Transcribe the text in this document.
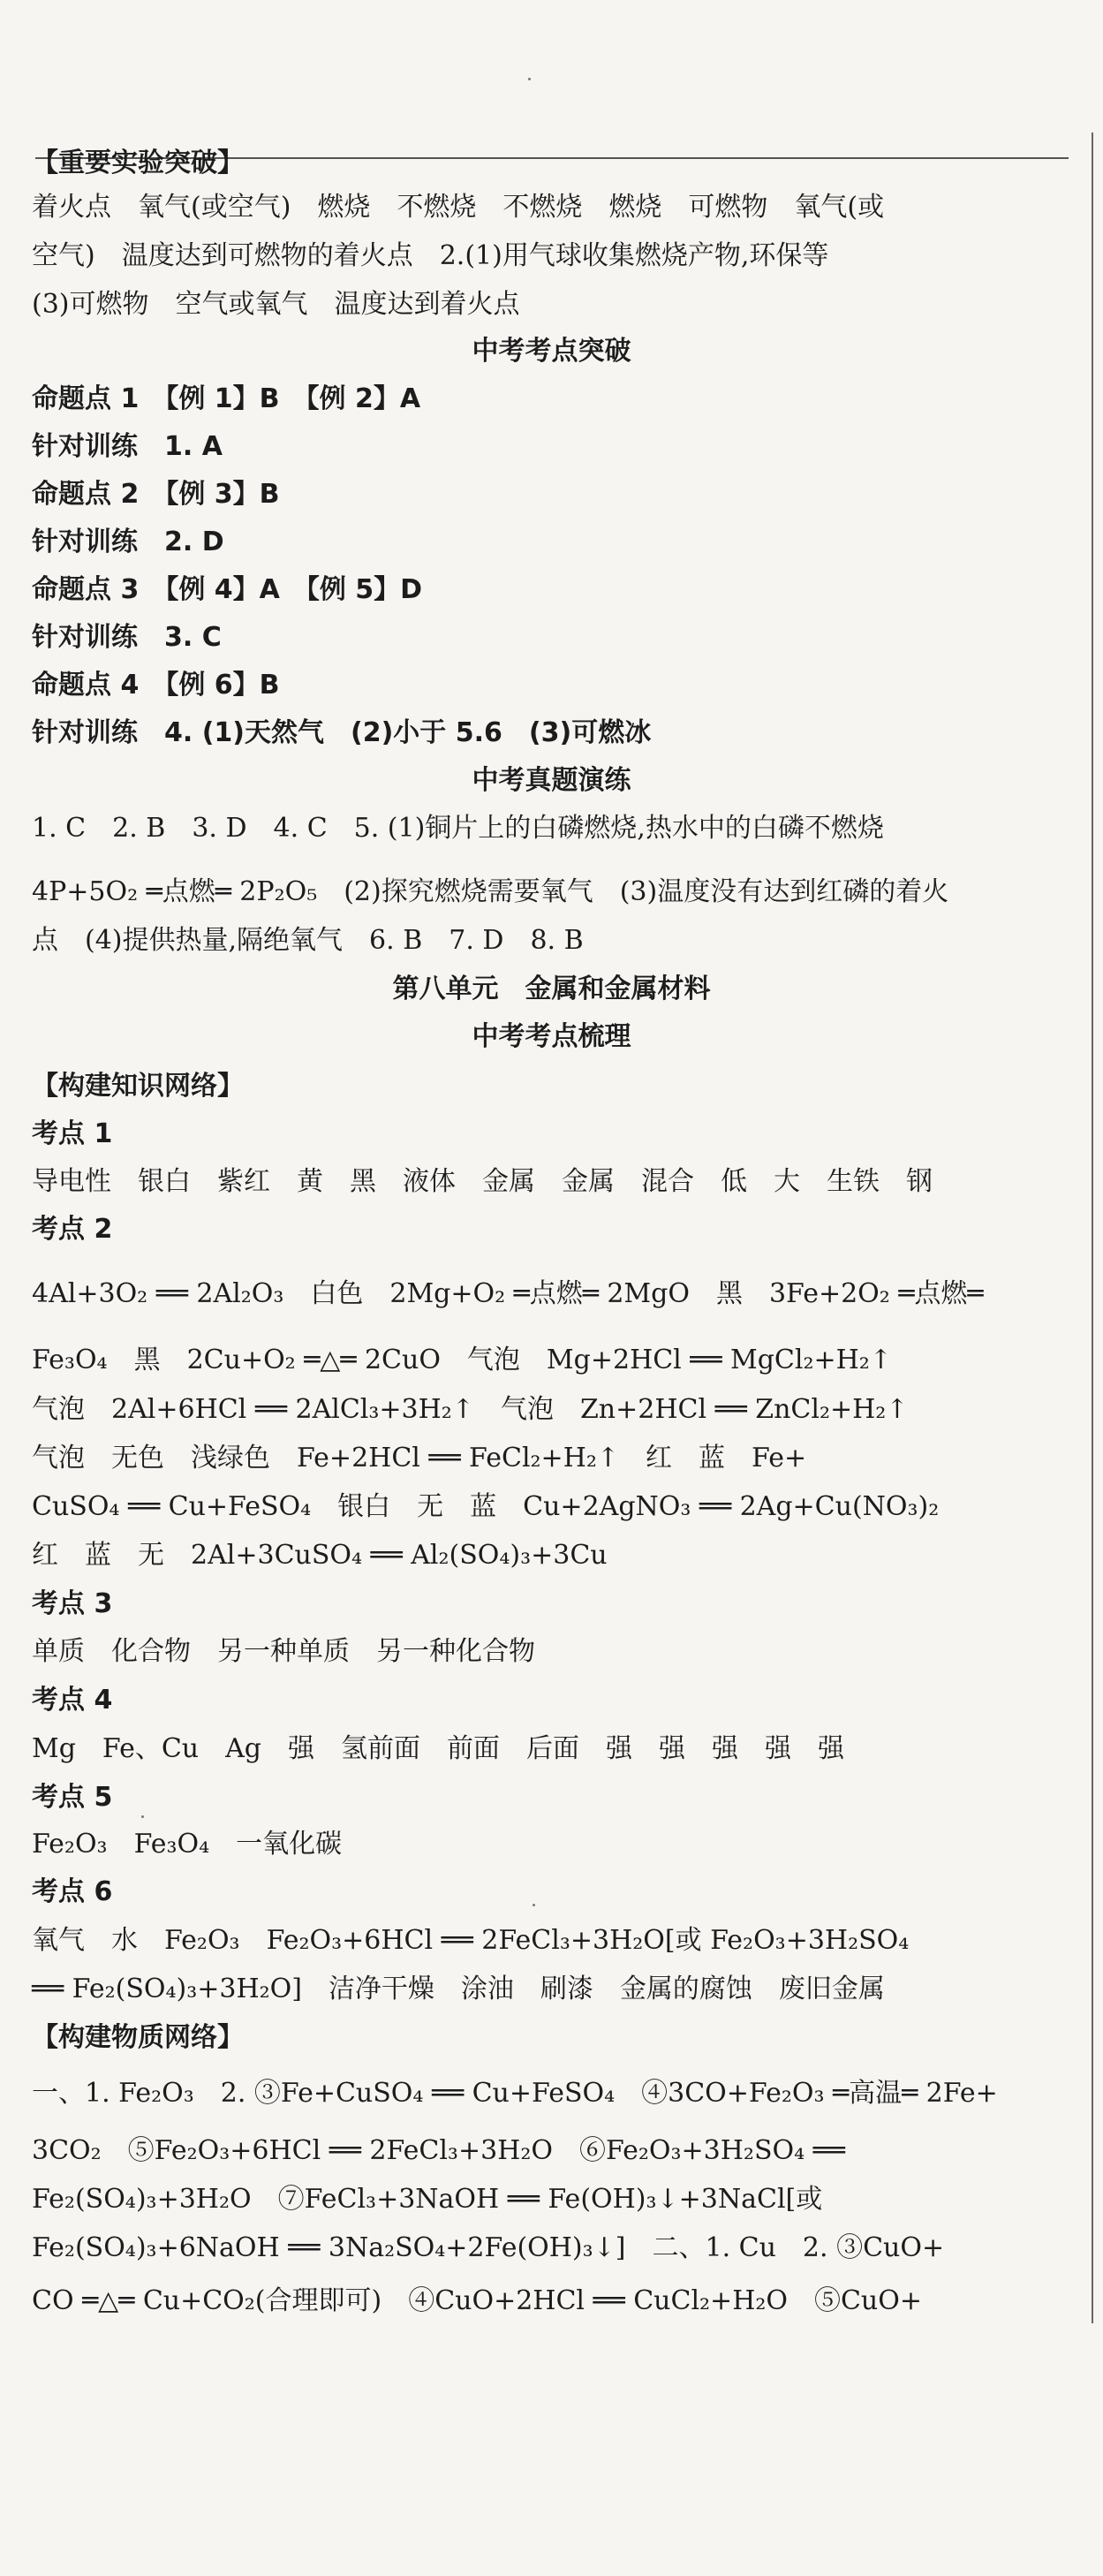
【重要实验突破】
着火点　氧气(或空气)　燃烧　不燃烧　不燃烧　燃烧　可燃物　氧气(或
空气)　温度达到可燃物的着火点　2.(1)用气球收集燃烧产物,环保等
(3)可燃物　空气或氧气　温度达到着火点
中考考点突破
命题点 1　【例 1】B　【例 2】A
针对训练　1. A
命题点 2　【例 3】B
针对训练　2. D
命题点 3　【例 4】A　【例 5】D
针对训练　3. C
命题点 4　【例 6】B
针对训练　4. (1)天然气　(2)小于 5.6　(3)可燃冰
中考真题演练
1. C　2. B　3. D　4. C　5. (1)铜片上的白磷燃烧,热水中的白磷不燃烧
4P+5O₂ ═点燃═ 2P₂O₅　(2)探究燃烧需要氧气　(3)温度没有达到红磷的着火
点　(4)提供热量,隔绝氧气　6. B　7. D　8. B
第八单元　金属和金属材料
中考考点梳理
【构建知识网络】
考点 1
导电性　银白　紫红　黄　黑　液体　金属　金属　混合　低　大　生铁　钢
考点 2
4Al+3O₂ ══ 2Al₂O₃　白色　2Mg+O₂ ═点燃═ 2MgO　黑　3Fe+2O₂ ═点燃═
Fe₃O₄　黑　2Cu+O₂ ═△═ 2CuO　气泡　Mg+2HCl ══ MgCl₂+H₂↑
气泡　2Al+6HCl ══ 2AlCl₃+3H₂↑　气泡　Zn+2HCl ══ ZnCl₂+H₂↑
气泡　无色　浅绿色　Fe+2HCl ══ FeCl₂+H₂↑　红　蓝　Fe+
CuSO₄ ══ Cu+FeSO₄　银白　无　蓝　Cu+2AgNO₃ ══ 2Ag+Cu(NO₃)₂
红　蓝　无　2Al+3CuSO₄ ══ Al₂(SO₄)₃+3Cu
考点 3
单质　化合物　另一种单质　另一种化合物
考点 4
Mg　Fe、Cu　Ag　强　氢前面　前面　后面　强　强　强　强　强
考点 5
Fe₂O₃　Fe₃O₄　一氧化碳
考点 6
氧气　水　Fe₂O₃　Fe₂O₃+6HCl ══ 2FeCl₃+3H₂O[或 Fe₂O₃+3H₂SO₄
══ Fe₂(SO₄)₃+3H₂O]　洁净干燥　涂油　刷漆　金属的腐蚀　废旧金属
【构建物质网络】
一、1. Fe₂O₃　2. ③Fe+CuSO₄ ══ Cu+FeSO₄　④3CO+Fe₂O₃ ═高温═ 2Fe+
3CO₂　⑤Fe₂O₃+6HCl ══ 2FeCl₃+3H₂O　⑥Fe₂O₃+3H₂SO₄ ══
Fe₂(SO₄)₃+3H₂O　⑦FeCl₃+3NaOH ══ Fe(OH)₃↓+3NaCl[或
Fe₂(SO₄)₃+6NaOH ══ 3Na₂SO₄+2Fe(OH)₃↓]　二、1. Cu　2. ③CuO+
CO ═△═ Cu+CO₂(合理即可)　④CuO+2HCl ══ CuCl₂+H₂O　⑤CuO+
